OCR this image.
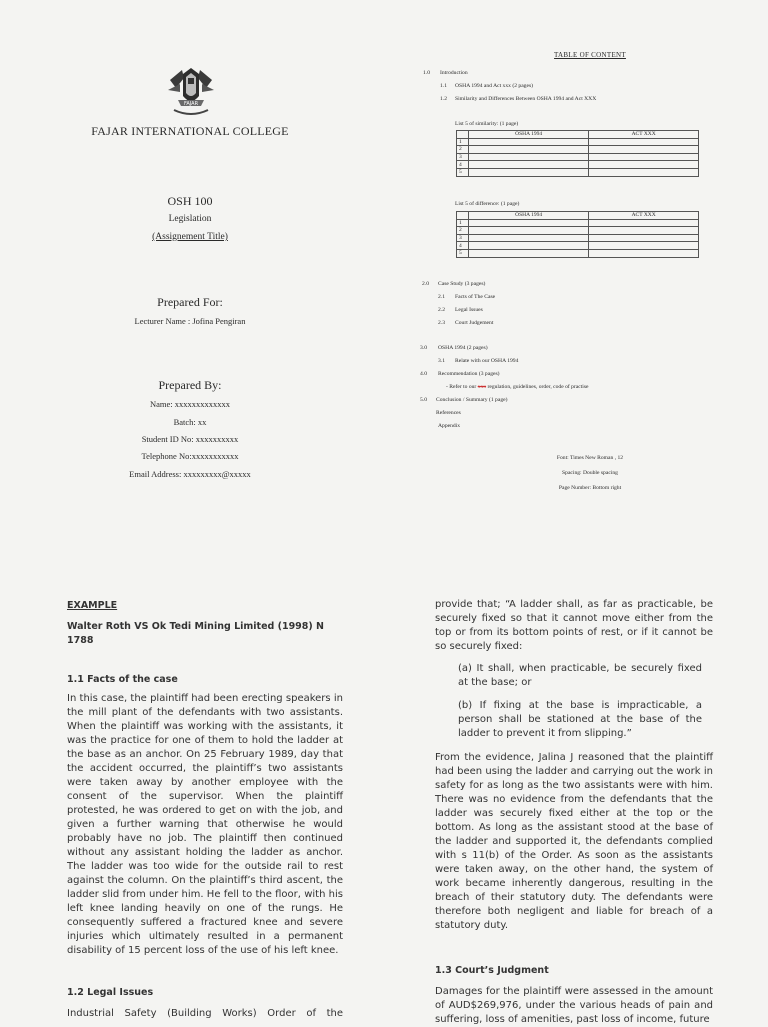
FAJAR
FAJAR INTERNATIONAL COLLEGE
OSH 100
Legislation
(Assignement Title)
Prepared For:
Lecturer Name : Jofina Pengiran
Prepared By:
Name: xxxxxxxxxxxxx
Batch: xx
Student ID No: xxxxxxxxxx
Telephone No:xxxxxxxxxxx
Email Address: xxxxxxxxx@xxxxx
TABLE OF CONTENT
1.0 Introduction
1.1 OSHA 1994 and Act xxx (2 pages)
1.2 Similarity and Differences Between OSHA 1994 and Act XXX
List 5 of similarity: (1 page)
	OSHA 1994	ACT XXX
1		
2		
3		
4		
5		
List 5 of difference: (1 page)
	OSHA 1994	ACT XXX
1		
2		
3		
4		
5		
2.0 Case Study (3 pages)
2.1 Facts of The Case
2.2 Legal Issues
2.3 Court Judgement
3.0 OSHA 1994 (2 pages)
3.1 Relate with our OSHA 1994
4.0 Recommendation (3 pages)
- Refer to our xxx regulation, guidelines, order, code of practise
5.0 Conclusion / Summary (1 page)
References
Appendix
Font: Times New Roman , 12
Spacing: Double spacing
Page Number: Bottom right
EXAMPLE
Walter Roth VS Ok Tedi Mining Limited (1998) N 1788
1.1 Facts of the case

In this case, the plaintiff had been erecting speakers in the mill plant of the defendants with two assistants. When the plaintiff was working with the assistants, it was the practice for one of them to hold the ladder at the base as an anchor. On 25 February 1989, day that the accident occurred, the plaintiff’s two assistants were taken away by another employee with the consent of the supervisor. When the plaintiff protested, he was ordered to get on with the job, and given a further warning that otherwise he would probably have no job. The plaintiff then continued without any assistant holding the ladder as anchor. The ladder was too wide for the outside rail to rest against the column. On the plaintiff’s third ascent, the ladder slid from under him. He fell to the floor, with his left knee landing heavily on one of the rungs. He consequently suffered a fractured knee and severe injuries which ultimately resulted in a permanent disability of 15 percent loss of the use of his left knee.

1.2 Legal Issues

Industrial Safety (Building Works) Order of the

provide that; “A ladder shall, as far as practicable, be securely fixed so that it cannot move either from the top or from its bottom points of rest, or if it cannot be so securely fixed:

(a) It shall, when practicable, be securely fixed at the base; or

(b) If fixing at the base is impracticable, a person shall be stationed at the base of the ladder to prevent it from slipping.”

From the evidence, Jalina J reasoned that the plaintiff had been using the ladder and carrying out the work in safety for as long as the two assistants were with him. There was no evidence from the defendants that the ladder was securely fixed either at the top or the bottom. As long as the assistant stood at the base of the ladder and supported it, the defendants complied with s 11(b) of the Order. As soon as the assistants were taken away, on the other hand, the system of work became inherently dangerous, resulting in the breach of their statutory duty. The defendants were therefore both negligent and liable for breach of a statutory duty.

1.3 Court’s Judgment

Damages for the plaintiff were assessed in the amount of AUD$269,976, under the various heads of pain and suffering, loss of amenities, past loss of income, future
